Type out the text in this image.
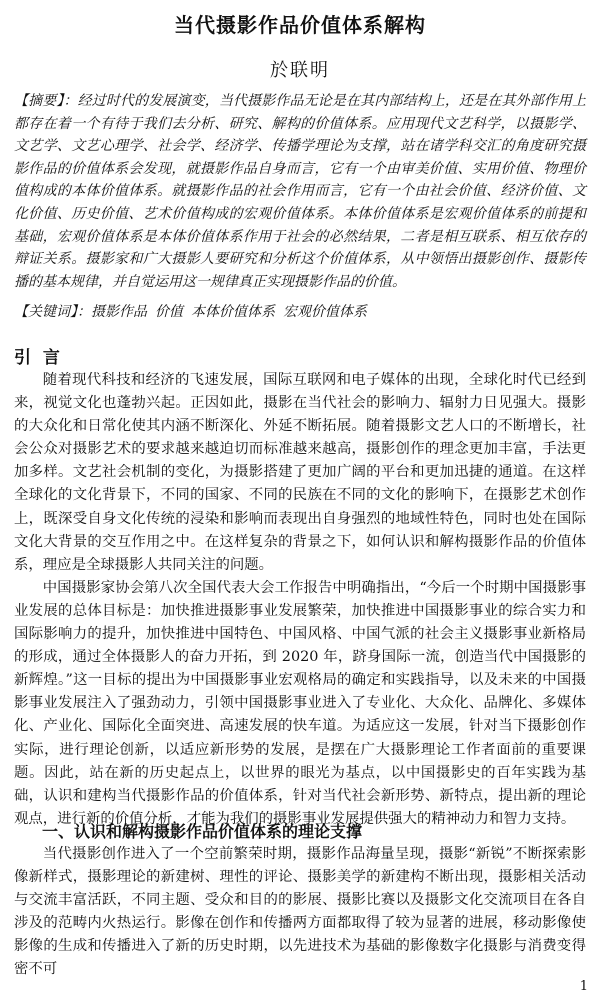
当代摄影作品价值体系解构
於联明

【摘要】：经过时代的发展演变，当代摄影作品无论是在其内部结构上，还是在其外部作用上都存在着一个有待于我们去分析、研究、解构的价值体系。应用现代文艺科学，以摄影学、文艺学、文艺心理学、社会学、经济学、传播学理论为支撑，站在诸学科交汇的角度研究摄影作品的价值体系会发现，就摄影作品自身而言，它有一个由审美价值、实用价值、物理价值构成的本体价值体系。就摄影作品的社会作用而言，它有一个由社会价值、经济价值、文化价值、历史价值、艺术价值构成的宏观价值体系。本体价值体系是宏观价值体系的前提和基础，宏观价值体系是本体价值体系作用于社会的必然结果，二者是相互联系、相互依存的辩证关系。摄影家和广大摄影人要研究和分析这个价值体系，从中领悟出摄影创作、摄影传播的基本规律，并自觉运用这一规律真正实现摄影作品的价值。

【关键词】：摄影作品 价值 本体价值体系 宏观价值体系

引 言

随着现代科技和经济的飞速发展，国际互联网和电子媒体的出现，全球化时代已经到来，视觉文化也蓬勃兴起。正因如此，摄影在当代社会的影响力、辐射力日见强大。摄影的大众化和日常化使其内涵不断深化、外延不断拓展。随着摄影文艺人口的不断增长，社会公众对摄影艺术的要求越来越迫切而标准越来越高，摄影创作的理念更加丰富，手法更加多样。文艺社会机制的变化，为摄影搭建了更加广阔的平台和更加迅捷的通道。在这样全球化的文化背景下，不同的国家、不同的民族在不同的文化的影响下，在摄影艺术创作上，既深受自身文化传统的浸染和影响而表现出自身强烈的地域性特色，同时也处在国际文化大背景的交互作用之中。在这样复杂的背景之下，如何认识和解构摄影作品的价值体系，理应是全球摄影人共同关注的问题。

中国摄影家协会第八次全国代表大会工作报告中明确指出，“今后一个时期中国摄影事业发展的总体目标是：加快推进摄影事业发展繁荣，加快推进中国摄影事业的综合实力和国际影响力的提升，加快推进中国特色、中国风格、中国气派的社会主义摄影事业新格局的形成，通过全体摄影人的奋力开拓，到 2020 年，跻身国际一流，创造当代中国摄影的新辉煌。”这一目标的提出为中国摄影事业宏观格局的确定和实践指导，以及未来的中国摄影事业发展注入了强劲动力，引领中国摄影事业进入了专业化、大众化、品牌化、多媒体化、产业化、国际化全面突进、高速发展的快车道。为适应这一发展，针对当下摄影创作实际，进行理论创新，以适应新形势的发展，是摆在广大摄影理论工作者面前的重要课题。因此，站在新的历史起点上，以世界的眼光为基点，以中国摄影史的百年实践为基础，认识和建构当代摄影作品的价值体系，针对当代社会新形势、新特点，提出新的理论观点，进行新的价值分析，才能为我们的摄影事业发展提供强大的精神动力和智力支持。

一、认识和解构摄影作品价值体系的理论支撑

当代摄影创作进入了一个空前繁荣时期，摄影作品海量呈现，摄影“新锐”不断探索影像新样式，摄影理论的新建树、理性的评论、摄影美学的新建构不断出现，摄影相关活动与交流丰富活跃，不同主题、受众和目的的影展、摄影比赛以及摄影文化交流项目在各自涉及的范畴内火热运行。影像在创作和传播两方面都取得了较为显著的进展，移动影像使影像的生成和传播进入了新的历史时期，以先进技术为基础的影像数字化摄影与消费变得密不可

1
